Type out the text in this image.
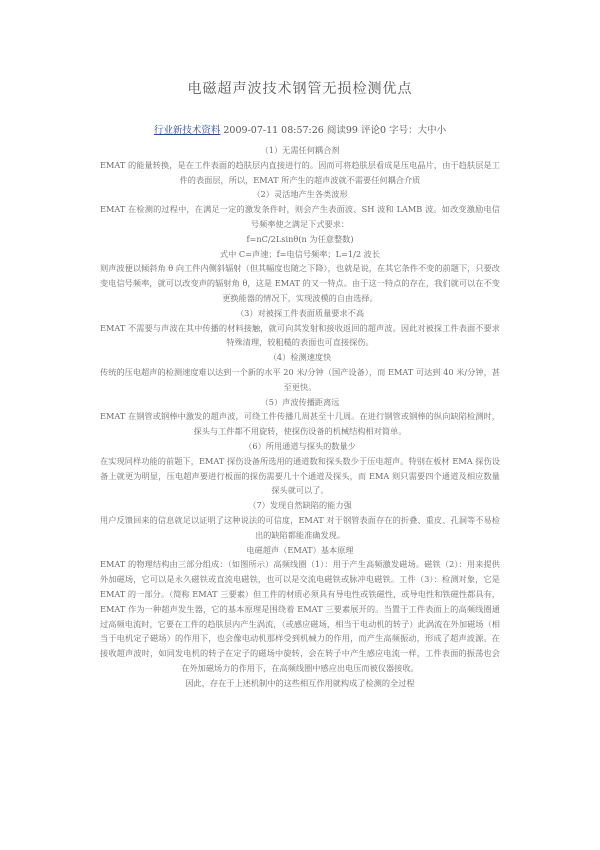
电磁超声波技术钢管无损检测优点
行业新技术资料 2009-07-11 08:57:26 阅读99 评论0 字号：大中小

（1）无需任何耦合剂

EMAT 的能量转换，是在工件表面的趋肤层内直接进行的。因而可将趋肤层看成是压电晶片，由于趋肤层是工件的表面层，所以，EMAT 所产生的超声波就不需要任何耦合介质

（2）灵活地产生各类波形

EMAT 在检测的过程中，在满足一定的激发条件时，则会产生表面波、SH 波和 LAMB 波。如改变激励电信号频率使之满足下式要求：

f=nC/2Lsinθ(n 为任意整数)

式中 C=声速；f=电信号频率；L=1/2 波长

则声波便以倾斜角 θ 向工件内侧斜辐射（但其幅度也随之下降），也就是说，在其它条件不变的前题下，只要改变电信号频率，就可以改变声的辐射角 θ，这是 EMAT 的又一特点。由于这一特点的存在，我们就可以在不变更换能器的情况下，实现波模的自由选择。

（3）对被探工件表面质量要求不高

EMAT 不需要与声波在其中传播的材料接触，就可向其发射和接收返回的超声波。因此对被探工件表面不要求特殊清理，较粗糙的表面也可直接探伤。

（4）检测速度快

传统的压电超声的检测速度难以达到一个新的水平 20 米/分钟（国产设备），而 EMAT 可达到 40 米/分钟，甚至更快。

（5）声波传播距离远

EMAT 在钢管或钢棒中激发的超声波，可绕工件传播几周甚至十几周。在进行钢管或钢棒的纵向缺陷检测时，探头与工件都不用旋转，使探伤设备的机械结构相对简单。

（6）所用通道与探头的数量少

在实现同样功能的前题下，EMAT 探伤设备所选用的通道数和探头数少于压电超声。特别在板材 EMA 探伤设备上就更为明显，压电超声要进行板面的探伤需要几十个通道及探头，而 EMA 则只需要四个通道及相应数量探头就可以了。

（7）发现自然缺陷的能力强

用户反馈回来的信息就足以证明了这种说法的可信度，EMAT 对于钢管表面存在的折叠、重皮、孔洞等不易检出的缺陷都能准确发现。

电磁超声（EMAT）基本原理

EMAT 的物理结构由三部分组成：（如图所示）高频线圈（1）：用于产生高频激发磁场。磁铁（2）：用来提供外加磁场，它可以是永久磁铁或直流电磁铁，也可以是交流电磁铁或脉冲电磁铁。工件（3）：检测对象，它是 EMAT 的一部分。（简称 EMAT 三要素）但工件的材质必须具有导电性或铁磁性，或导电性和铁磁性都具有，EMAT 作为一种超声发生器，它的基本原理是围绕着 EMAT 三要素展开的。当置于工件表面上的高频线圈通过高频电流时，它要在工件的趋肤层内产生涡流，（或感应磁场，相当于电动机的转子）此涡流在外加磁场（相当于电机定子磁场）的作用下，也会像电动机那样受到机械力的作用，而产生高频振动，形成了超声波源。在接收超声波时，如同发电机的转子在定子的磁场中旋转，会在转子中产生感应电流一样，工件表面的振荡也会在外加磁场力的作用下，在高频线圈中感应出电压而被仪器接收。

因此，存在于上述机制中的这些相互作用就构成了检测的全过程
